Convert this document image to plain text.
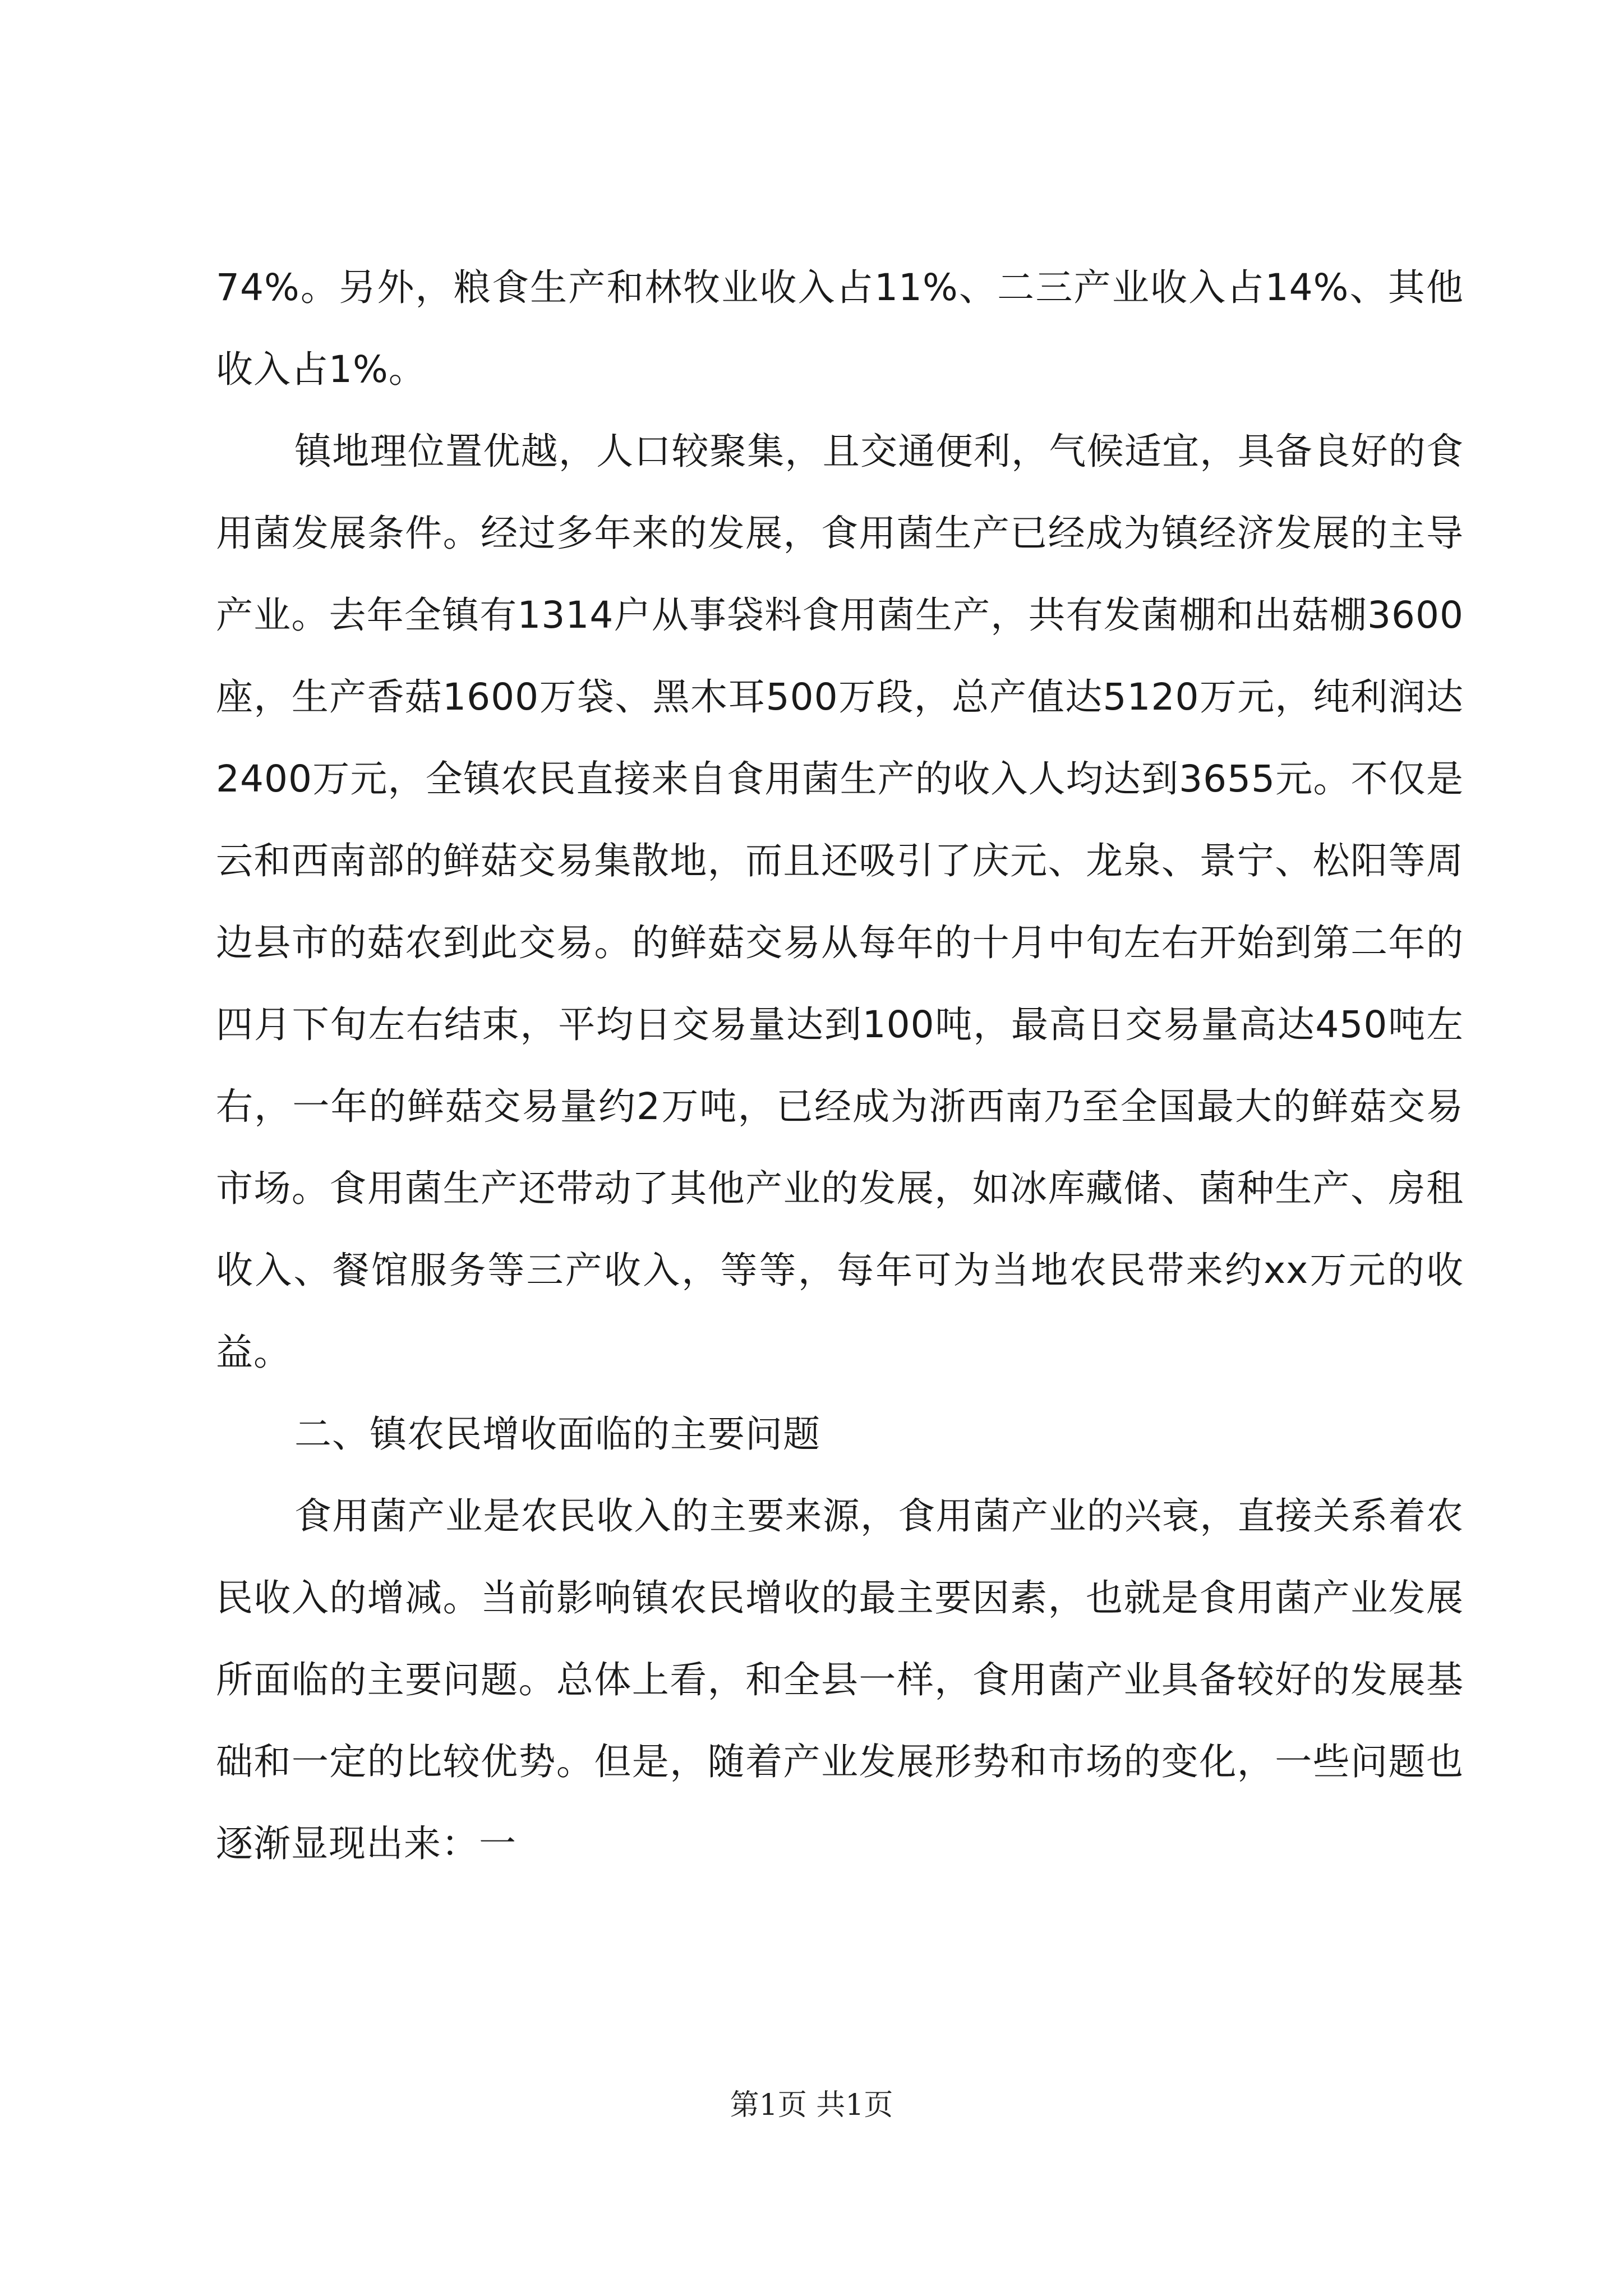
74%。另外，粮食生产和林牧业收入占11%、二三产业收入占14%、其他收入占1%。

镇地理位置优越，人口较聚集，且交通便利，气候适宜，具备良好的食用菌发展条件。经过多年来的发展，食用菌生产已经成为镇经济发展的主导产业。去年全镇有1314户从事袋料食用菌生产，共有发菌棚和出菇棚3600座，生产香菇1600万袋、黑木耳500万段，总产值达5120万元，纯利润达2400万元，全镇农民直接来自食用菌生产的收入人均达到3655元。不仅是云和西南部的鲜菇交易集散地，而且还吸引了庆元、龙泉、景宁、松阳等周边县市的菇农到此交易。的鲜菇交易从每年的十月中旬左右开始到第二年的四月下旬左右结束，平均日交易量达到100吨，最高日交易量高达450吨左右，一年的鲜菇交易量约2万吨，已经成为浙西南乃至全国最大的鲜菇交易市场。食用菌生产还带动了其他产业的发展，如冰库藏储、菌种生产、房租收入、餐馆服务等三产收入，等等，每年可为当地农民带来约xx万元的收益。

二、镇农民增收面临的主要问题

食用菌产业是农民收入的主要来源，食用菌产业的兴衰，直接关系着农民收入的增减。当前影响镇农民增收的最主要因素，也就是食用菌产业发展所面临的主要问题。总体上看，和全县一样，食用菌产业具备较好的发展基础和一定的比较优势。但是，随着产业发展形势和市场的变化，一些问题也逐渐显现出来：一

第1页 共1页
